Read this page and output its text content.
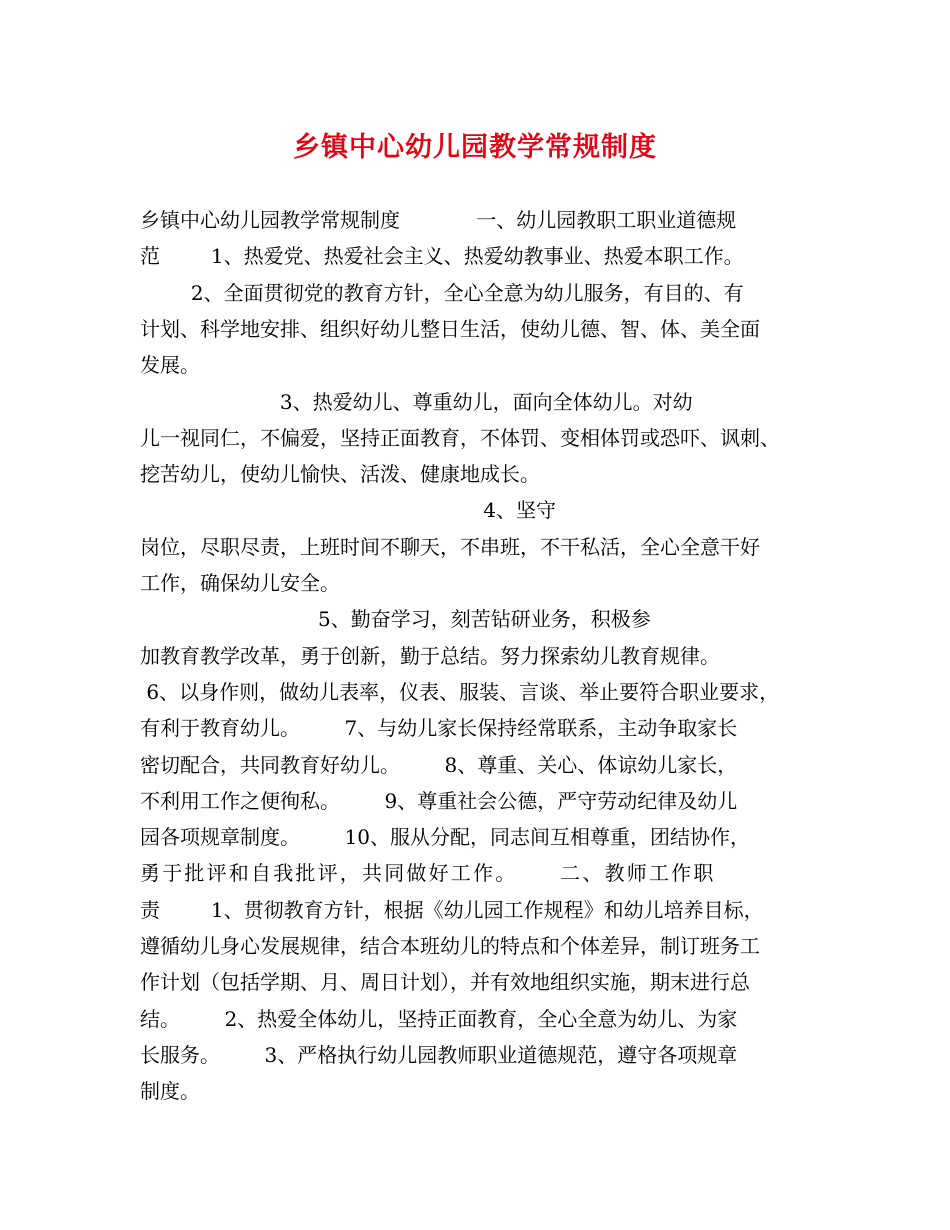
乡镇中心幼儿园教学常规制度
乡镇中心幼儿园教学常规制度            一、幼儿园教职工职业道德规
范        1、热爱党、热爱社会主义、热爱幼教事业、热爱本职工作。
2、全面贯彻党的教育方针，全心全意为幼儿服务，有目的、有
计划、科学地安排、组织好幼儿整日生活，使幼儿德、智、体、美全面
发展。
3、热爱幼儿、尊重幼儿，面向全体幼儿。对幼
儿一视同仁，不偏爱，坚持正面教育，不体罚、变相体罚或恐吓、讽刺、
挖苦幼儿，使幼儿愉快、活泼、健康地成长。
4、坚守
岗位，尽职尽责，上班时间不聊天，不串班，不干私活，全心全意干好
工作，确保幼儿安全。
5、勤奋学习，刻苦钻研业务，积极参
加教育教学改革，勇于创新，勤于总结。努力探索幼儿教育规律。
6、以身作则，做幼儿表率，仪表、服装、言谈、举止要符合职业要求，
有利于教育幼儿。       7、与幼儿家长保持经常联系，主动争取家长
密切配合，共同教育好幼儿。       8、尊重、关心、体谅幼儿家长，
不利用工作之便徇私。       9、尊重社会公德，严守劳动纪律及幼儿
园各项规章制度。       10、服从分配，同志间互相尊重，团结协作，
勇于批评和自我批评，共同做好工作。     二、教师工作职
责        1、贯彻教育方针，根据《幼儿园工作规程》和幼儿培养目标，
遵循幼儿身心发展规律，结合本班幼儿的特点和个体差异，制订班务工
作计划（包括学期、月、周日计划），并有效地组织实施，期末进行总
结。       2、热爱全体幼儿，坚持正面教育，全心全意为幼儿、为家
长服务。       3、严格执行幼儿园教师职业道德规范，遵守各项规章
制度。
